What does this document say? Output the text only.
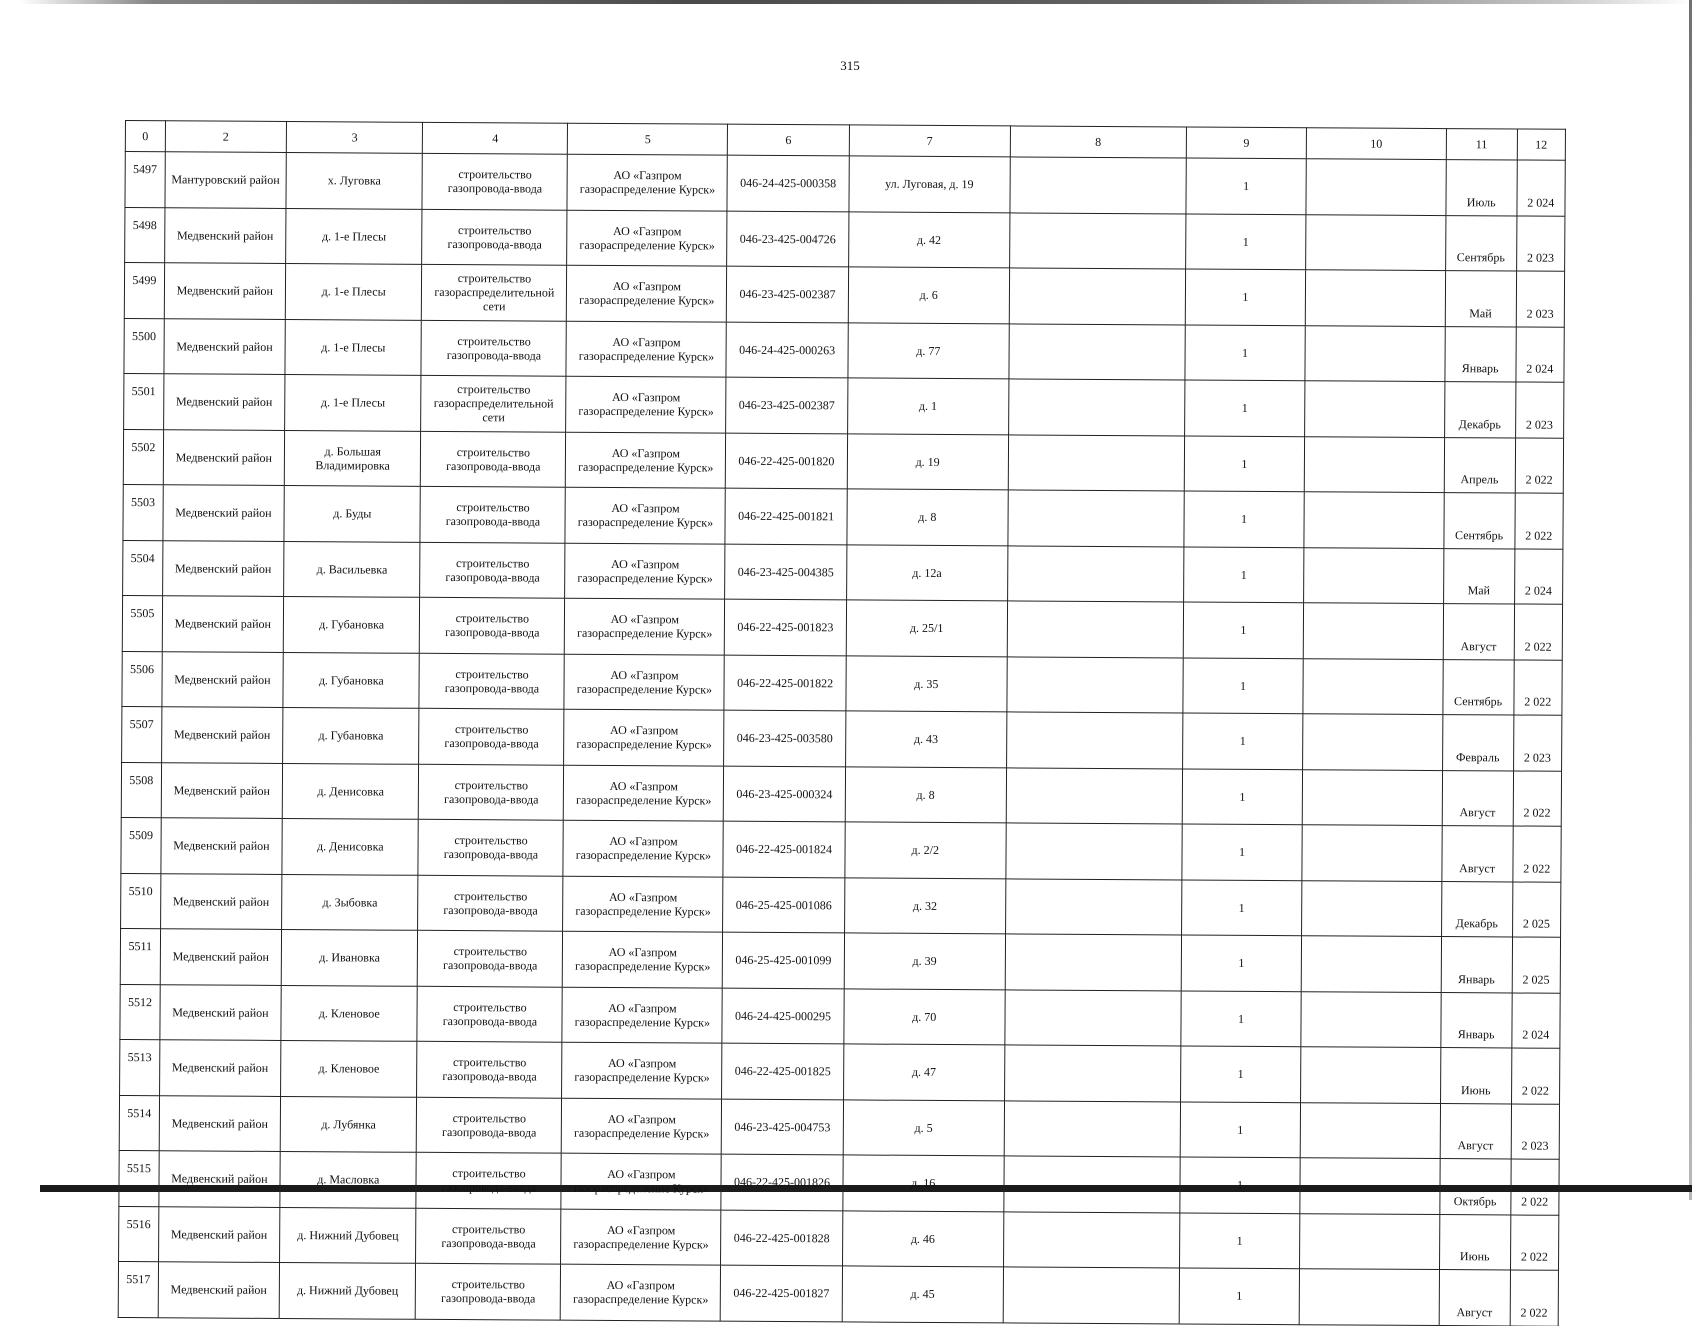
315
0	2	3	4	5	6	7	8	9	10	11	12
5497	Мантуровский район	х. Луговка	строительство газопровода-ввода	АО «Газпром газораспределение Курск»	046-24-425-000358	ул. Луговая, д. 19		1		Июль	2 024
5498	Медвенский район	д. 1-е Плесы	строительство газопровода-ввода	АО «Газпром газораспределение Курск»	046-23-425-004726	д. 42		1		Сентябрь	2 023
5499	Медвенский район	д. 1-е Плесы	строительство газораспределительной сети	АО «Газпром газораспределение Курск»	046-23-425-002387	д. 6		1		Май	2 023
5500	Медвенский район	д. 1-е Плесы	строительство газопровода-ввода	АО «Газпром газораспределение Курск»	046-24-425-000263	д. 77		1		Январь	2 024
5501	Медвенский район	д. 1-е Плесы	строительство газораспределительной сети	АО «Газпром газораспределение Курск»	046-23-425-002387	д. 1		1		Декабрь	2 023
5502	Медвенский район	д. Большая Владимировка	строительство газопровода-ввода	АО «Газпром газораспределение Курск»	046-22-425-001820	д. 19		1		Апрель	2 022
5503	Медвенский район	д. Буды	строительство газопровода-ввода	АО «Газпром газораспределение Курск»	046-22-425-001821	д. 8		1		Сентябрь	2 022
5504	Медвенский район	д. Васильевка	строительство газопровода-ввода	АО «Газпром газораспределение Курск»	046-23-425-004385	д. 12а		1		Май	2 024
5505	Медвенский район	д. Губановка	строительство газопровода-ввода	АО «Газпром газораспределение Курск»	046-22-425-001823	д. 25/1		1		Август	2 022
5506	Медвенский район	д. Губановка	строительство газопровода-ввода	АО «Газпром газораспределение Курск»	046-22-425-001822	д. 35		1		Сентябрь	2 022
5507	Медвенский район	д. Губановка	строительство газопровода-ввода	АО «Газпром газораспределение Курск»	046-23-425-003580	д. 43		1		Февраль	2 023
5508	Медвенский район	д. Денисовка	строительство газопровода-ввода	АО «Газпром газораспределение Курск»	046-23-425-000324	д. 8		1		Август	2 022
5509	Медвенский район	д. Денисовка	строительство газопровода-ввода	АО «Газпром газораспределение Курск»	046-22-425-001824	д. 2/2		1		Август	2 022
5510	Медвенский район	д. Зыбовка	строительство газопровода-ввода	АО «Газпром газораспределение Курск»	046-25-425-001086	д. 32		1		Декабрь	2 025
5511	Медвенский район	д. Ивановка	строительство газопровода-ввода	АО «Газпром газораспределение Курск»	046-25-425-001099	д. 39		1		Январь	2 025
5512	Медвенский район	д. Кленовое	строительство газопровода-ввода	АО «Газпром газораспределение Курск»	046-24-425-000295	д. 70		1		Январь	2 024
5513	Медвенский район	д. Кленовое	строительство газопровода-ввода	АО «Газпром газораспределение Курск»	046-22-425-001825	д. 47		1		Июнь	2 022
5514	Медвенский район	д. Лубянка	строительство газопровода-ввода	АО «Газпром газораспределение Курск»	046-23-425-004753	д. 5		1		Август	2 023
5515	Медвенский район	д. Масловка	строительство газопровода-ввода	АО «Газпром газораспределение Курск»	046-22-425-001826	д. 16		1		Октябрь	2 022
5516	Медвенский район	д. Нижний Дубовец	строительство газопровода-ввода	АО «Газпром газораспределение Курск»	046-22-425-001828	д. 46		1		Июнь	2 022
5517	Медвенский район	д. Нижний Дубовец	строительство газопровода-ввода	АО «Газпром газораспределение Курск»	046-22-425-001827	д. 45		1		Август	2 022
